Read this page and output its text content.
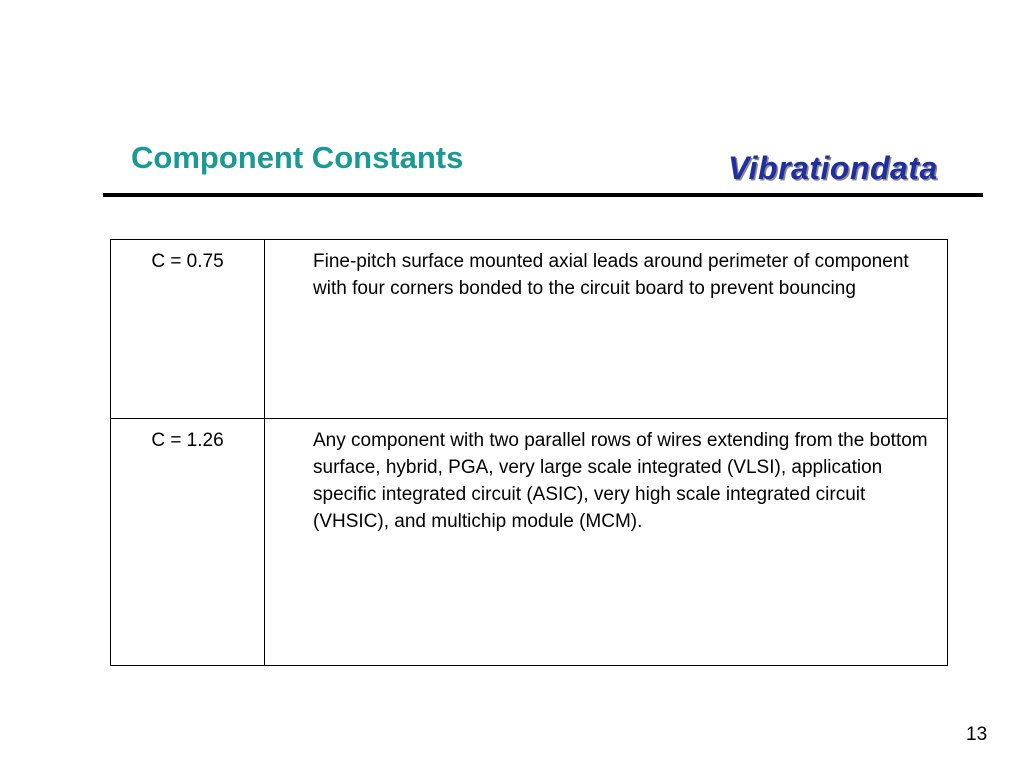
Component Constants	Vibrationdata
C = 0.75	Fine-pitch surface mounted axial leads around perimeter of component with four corners bonded to the circuit board to prevent bouncing
C = 1.26	Any component with two parallel rows of wires extending from the bottom surface, hybrid, PGA, very large scale integrated (VLSI), application specific integrated circuit (ASIC), very high scale integrated circuit (VHSIC), and multichip module (MCM).
13
